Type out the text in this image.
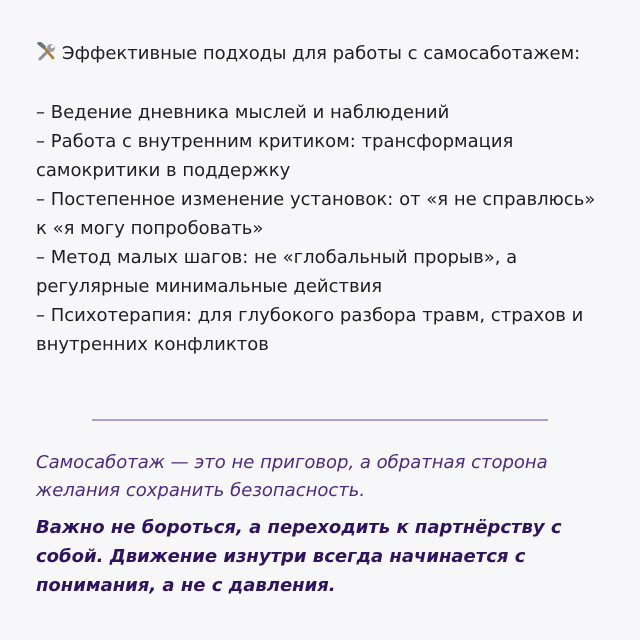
Эффективные подходы для работы с самосаботажем:

– Ведение дневника мыслей и наблюдений
– Работа с внутренним критиком: трансформация самокритики в поддержку
– Постепенное изменение установок: от «я не справлюсь» к «я могу попробовать»
– Метод малых шагов: не «глобальный прорыв», а регулярные минимальные действия
– Психотерапия: для глубокого разбора травм, страхов и внутренних конфликтов

Самосаботаж — это не приговор, а обратная сторона желания сохранить безопасность.

Важно не бороться, а переходить к партнёрству с собой. Движение изнутри всегда начинается с понимания, а не с давления.
